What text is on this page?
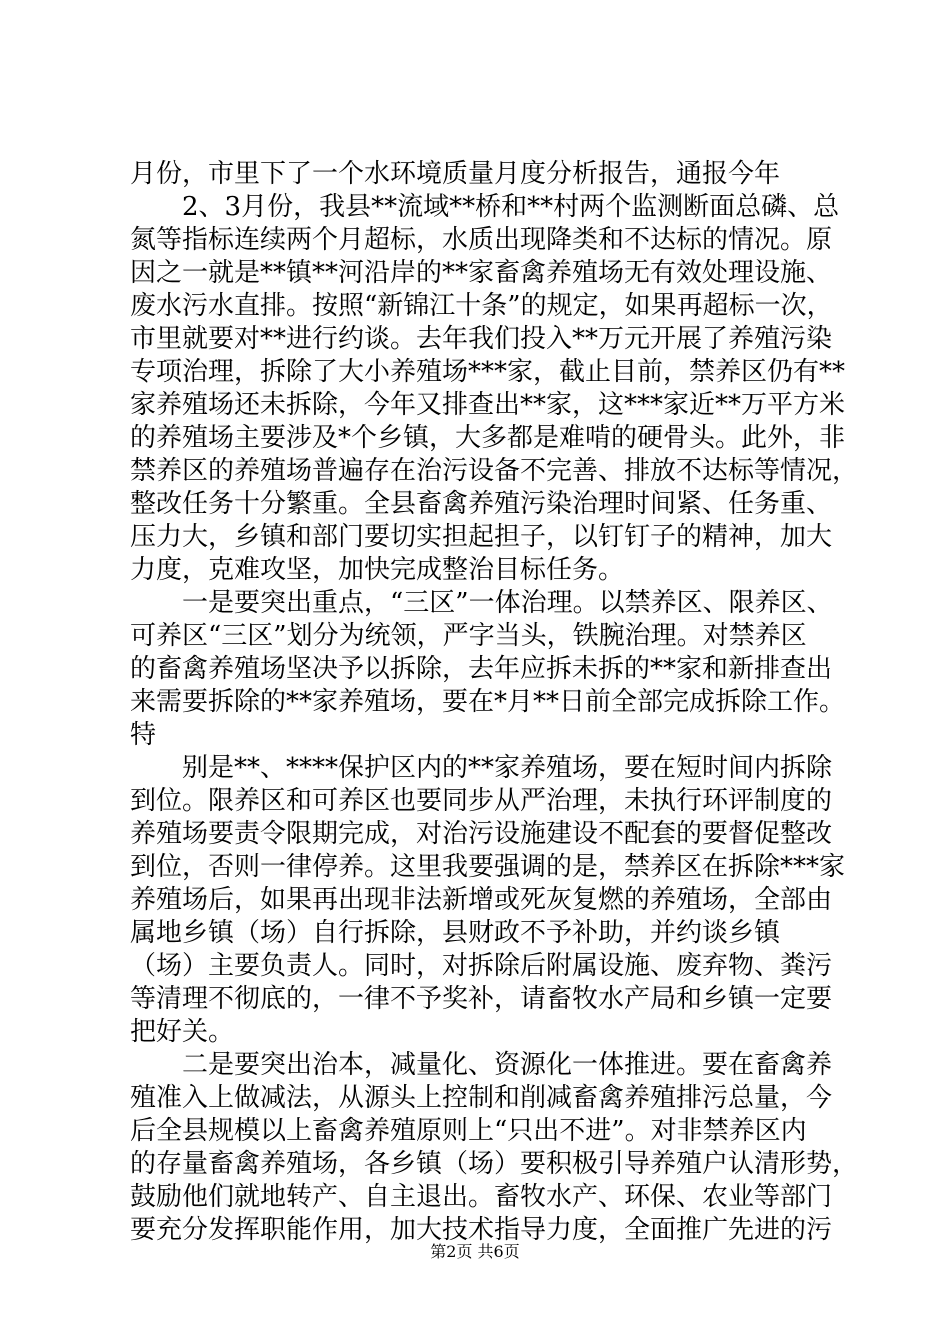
月份，市里下了一个水环境质量月度分析报告，通报今年
2、3月份，我县**流域**桥和**村两个监测断面总磷、总
氮等指标连续两个月超标，水质出现降类和不达标的情况。原
因之一就是**镇**河沿岸的**家畜禽养殖场无有效处理设施、
废水污水直排。按照“新锦江十条”的规定，如果再超标一次，
市里就要对**进行约谈。去年我们投入**万元开展了养殖污染
专项治理，拆除了大小养殖场***家，截止目前，禁养区仍有**
家养殖场还未拆除，今年又排查出**家，这***家近**万平方米
的养殖场主要涉及*个乡镇，大多都是难啃的硬骨头。此外，非
禁养区的养殖场普遍存在治污设备不完善、排放不达标等情况，
整改任务十分繁重。全县畜禽养殖污染治理时间紧、任务重、
压力大，乡镇和部门要切实担起担子，以钉钉子的精神，加大
力度，克难攻坚，加快完成整治目标任务。
一是要突出重点，“三区”一体治理。以禁养区、限养区、
可养区“三区”划分为统领，严字当头，铁腕治理。对禁养区
的畜禽养殖场坚决予以拆除，去年应拆未拆的**家和新排查出
来需要拆除的**家养殖场，要在*月**日前全部完成拆除工作。
特
别是**、****保护区内的**家养殖场，要在短时间内拆除
到位。限养区和可养区也要同步从严治理，未执行环评制度的
养殖场要责令限期完成，对治污设施建设不配套的要督促整改
到位，否则一律停养。这里我要强调的是，禁养区在拆除***家
养殖场后，如果再出现非法新增或死灰复燃的养殖场，全部由
属地乡镇（场）自行拆除，县财政不予补助，并约谈乡镇
（场）主要负责人。同时，对拆除后附属设施、废弃物、粪污
等清理不彻底的，一律不予奖补，请畜牧水产局和乡镇一定要
把好关。
二是要突出治本，减量化、资源化一体推进。要在畜禽养
殖准入上做减法，从源头上控制和削减畜禽养殖排污总量，今
后全县规模以上畜禽养殖原则上“只出不进”。对非禁养区内
的存量畜禽养殖场，各乡镇（场）要积极引导养殖户认清形势，
鼓励他们就地转产、自主退出。畜牧水产、环保、农业等部门
要充分发挥职能作用，加大技术指导力度，全面推广先进的污
第2页 共6页
